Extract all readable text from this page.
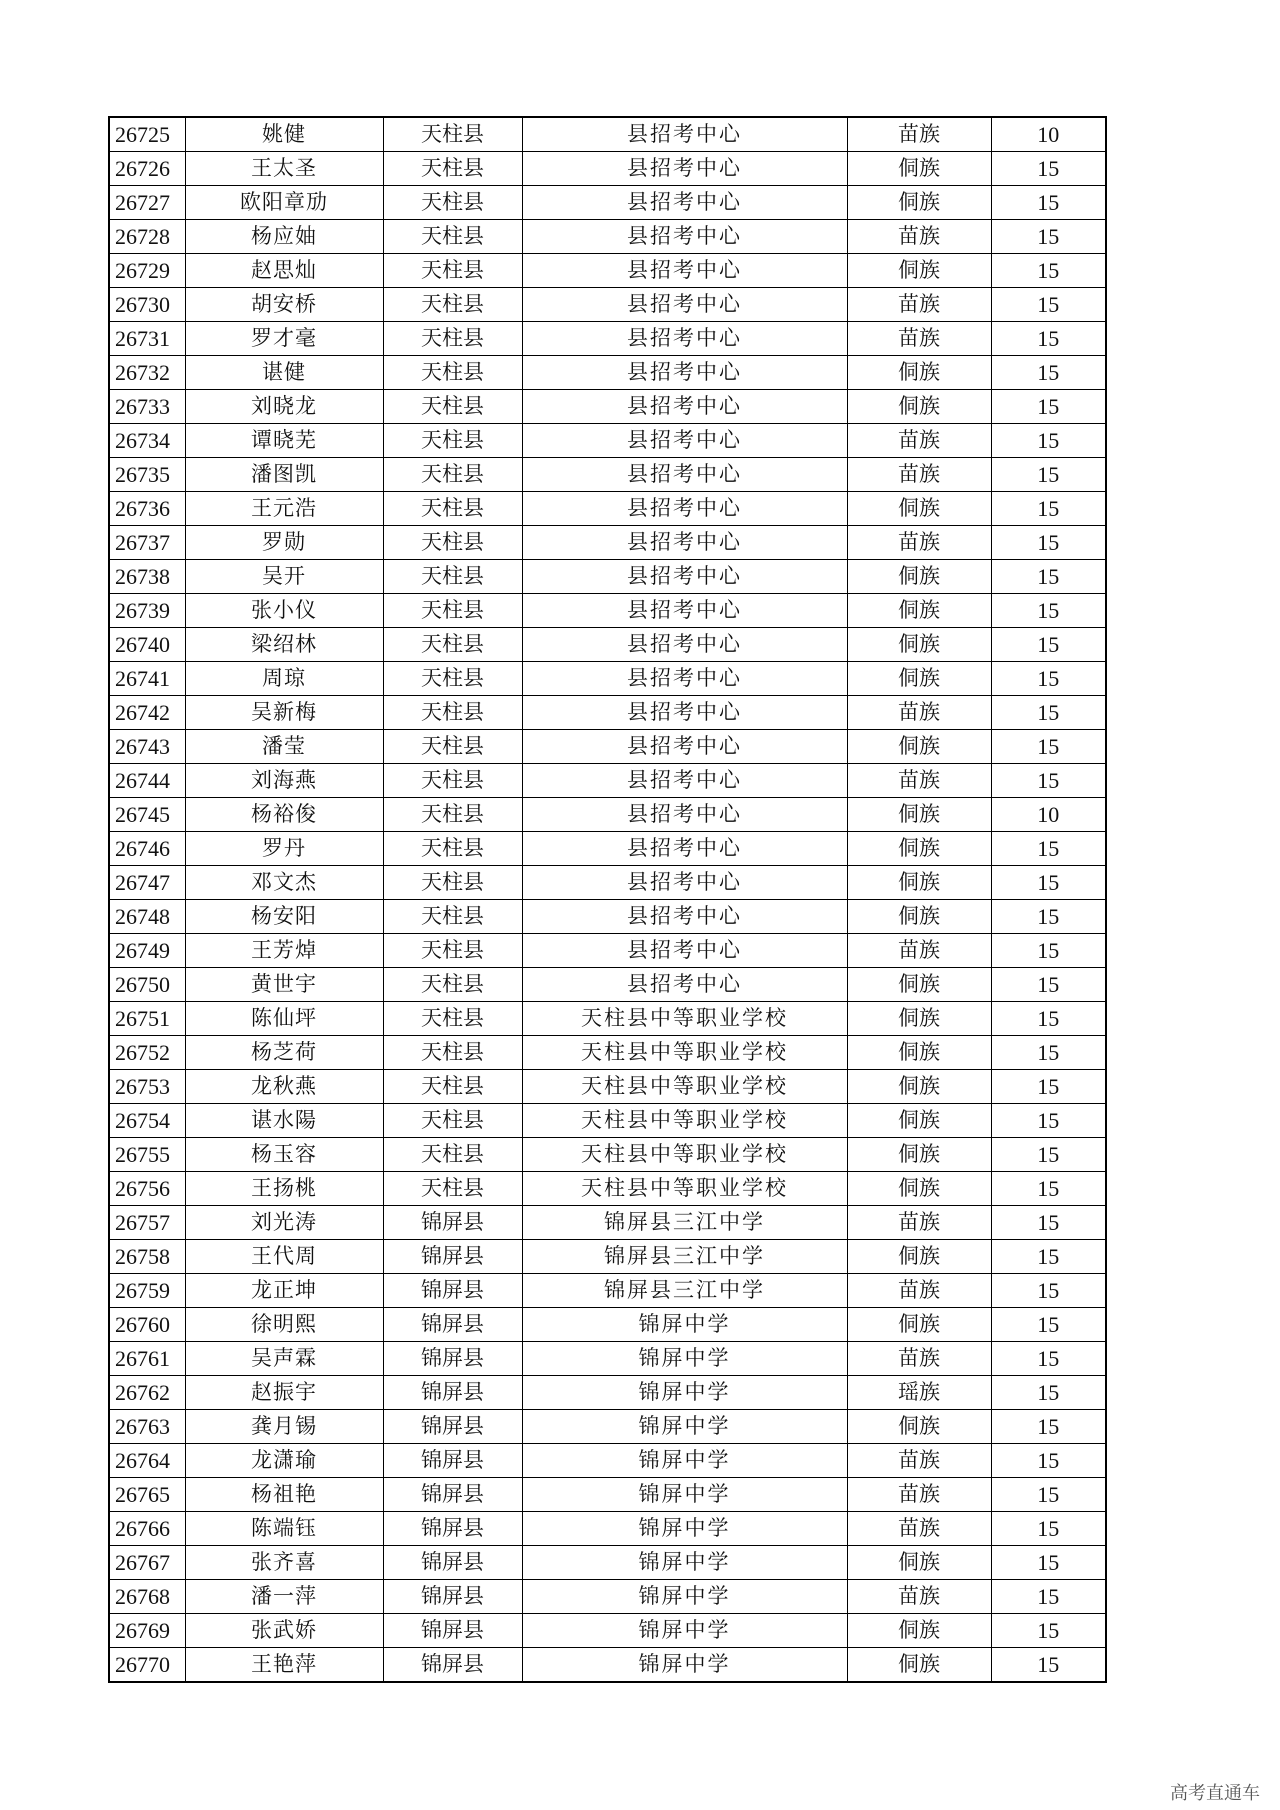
26725	姚健	天柱县	县招考中心	苗族	10
26726	王太圣	天柱县	县招考中心	侗族	15
26727	欧阳章劢	天柱县	县招考中心	侗族	15
26728	杨应妯	天柱县	县招考中心	苗族	15
26729	赵思灿	天柱县	县招考中心	侗族	15
26730	胡安桥	天柱县	县招考中心	苗族	15
26731	罗才毫	天柱县	县招考中心	苗族	15
26732	谌健	天柱县	县招考中心	侗族	15
26733	刘晓龙	天柱县	县招考中心	侗族	15
26734	谭晓芜	天柱县	县招考中心	苗族	15
26735	潘图凯	天柱县	县招考中心	苗族	15
26736	王元浩	天柱县	县招考中心	侗族	15
26737	罗勋	天柱县	县招考中心	苗族	15
26738	吴开	天柱县	县招考中心	侗族	15
26739	张小仪	天柱县	县招考中心	侗族	15
26740	梁绍林	天柱县	县招考中心	侗族	15
26741	周琼	天柱县	县招考中心	侗族	15
26742	吴新梅	天柱县	县招考中心	苗族	15
26743	潘莹	天柱县	县招考中心	侗族	15
26744	刘海燕	天柱县	县招考中心	苗族	15
26745	杨裕俊	天柱县	县招考中心	侗族	10
26746	罗丹	天柱县	县招考中心	侗族	15
26747	邓文杰	天柱县	县招考中心	侗族	15
26748	杨安阳	天柱县	县招考中心	侗族	15
26749	王芳焯	天柱县	县招考中心	苗族	15
26750	黄世宇	天柱县	县招考中心	侗族	15
26751	陈仙坪	天柱县	天柱县中等职业学校	侗族	15
26752	杨芝荷	天柱县	天柱县中等职业学校	侗族	15
26753	龙秋燕	天柱县	天柱县中等职业学校	侗族	15
26754	谌水陽	天柱县	天柱县中等职业学校	侗族	15
26755	杨玉容	天柱县	天柱县中等职业学校	侗族	15
26756	王扬桃	天柱县	天柱县中等职业学校	侗族	15
26757	刘光涛	锦屏县	锦屏县三江中学	苗族	15
26758	王代周	锦屏县	锦屏县三江中学	侗族	15
26759	龙正坤	锦屏县	锦屏县三江中学	苗族	15
26760	徐明熙	锦屏县	锦屏中学	侗族	15
26761	吴声霖	锦屏县	锦屏中学	苗族	15
26762	赵振宇	锦屏县	锦屏中学	瑶族	15
26763	龚月锡	锦屏县	锦屏中学	侗族	15
26764	龙潇瑜	锦屏县	锦屏中学	苗族	15
26765	杨祖艳	锦屏县	锦屏中学	苗族	15
26766	陈端钰	锦屏县	锦屏中学	苗族	15
26767	张齐喜	锦屏县	锦屏中学	侗族	15
26768	潘一萍	锦屏县	锦屏中学	苗族	15
26769	张武娇	锦屏县	锦屏中学	侗族	15
26770	王艳萍	锦屏县	锦屏中学	侗族	15
高考直通车
